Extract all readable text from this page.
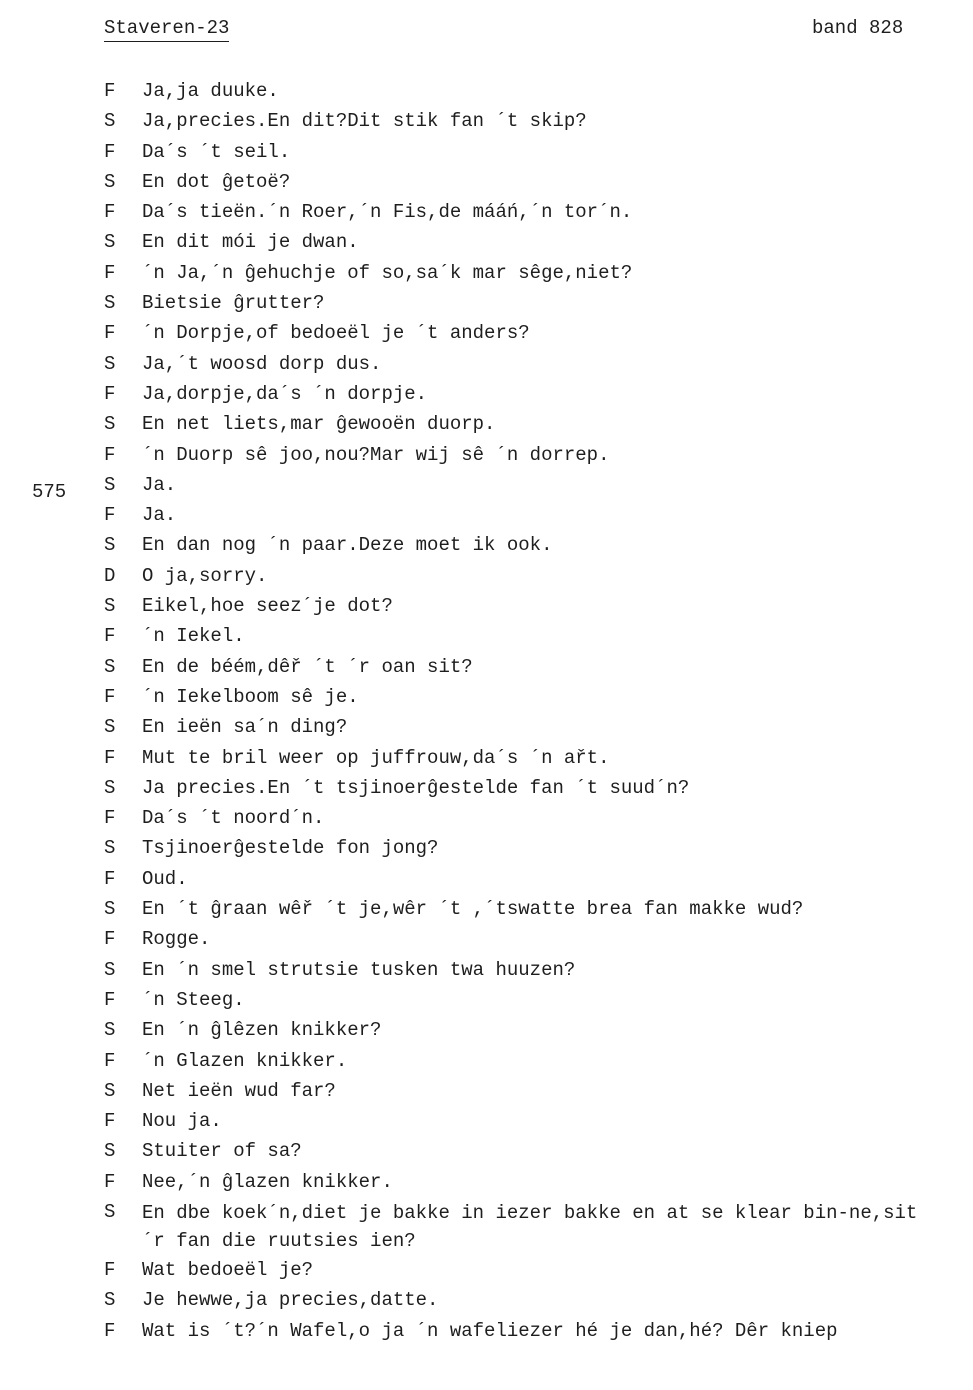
Staveren-23	band 828
575
F	Ja,ja duuke.
S	Ja,precies.En dit?Dit stik fan ´t skip?
F	Da´s ´t seil.
S	En dot ĝetoë?
F	Da´s tieën.´n Roer,´n Fis,de mááń,´n tor´n.
S	En dit mói je dwan.
F	´n Ja,´n ĝehuchje of so,sa´k mar sêge,niet?
S	Bietsie ĝrutter?
F	´n Dorpje,of bedoeël je ´t anders?
S	Ja,´t woosd dorp dus.
F	Ja,dorpje,da´s ´n dorpje.
S	En net liets,mar ĝewooën duorp.
F	´n Duorp sê joo,nou?Mar wij sê ´n dorrep.
S	Ja.
F	Ja.
S	En dan nog ´n paar.Deze moet ik ook.
D	O ja,sorry.
S	Eikel,hoe seez´je dot?
F	´n Iekel.
S	En de béém,dêř ´t ´r oan sit?
F	´n Iekelboom sê je.
S	En ieën sa´n ding?
F	Mut te bril weer op juffrouw,da´s ´n ařt.
S	Ja precies.En ´t tsjinoerĝestelde fan ´t suud´n?
F	Da´s ´t noord´n.
S	Tsjinoerĝestelde fon jong?
F	Oud.
S	En ´t ĝraan wêř ´t je,wêr ´t ,´tswatte brea fan makke wud?
F	Rogge.
S	En ´n smel strutsie tusken twa huuzen?
F	´n Steeg.
S	En ´n ĝlêzen knikker?
F	´n Glazen knikker.
S	Net ieën wud far?
F	Nou ja.
S	Stuiter of sa?
F	Nee,´n ĝlazen knikker.
S	En dbe koek´n,diet je bakke in iezer bakke en at se klear bin-ne,sit ´r fan die ruutsies ien?
F	Wat bedoeël je?
S	Je hewwe,ja precies,datte.
F	Wat is ´t?´n Wafel,o ja ´n wafeliezer hé je dan,hé? Dêr kniep
